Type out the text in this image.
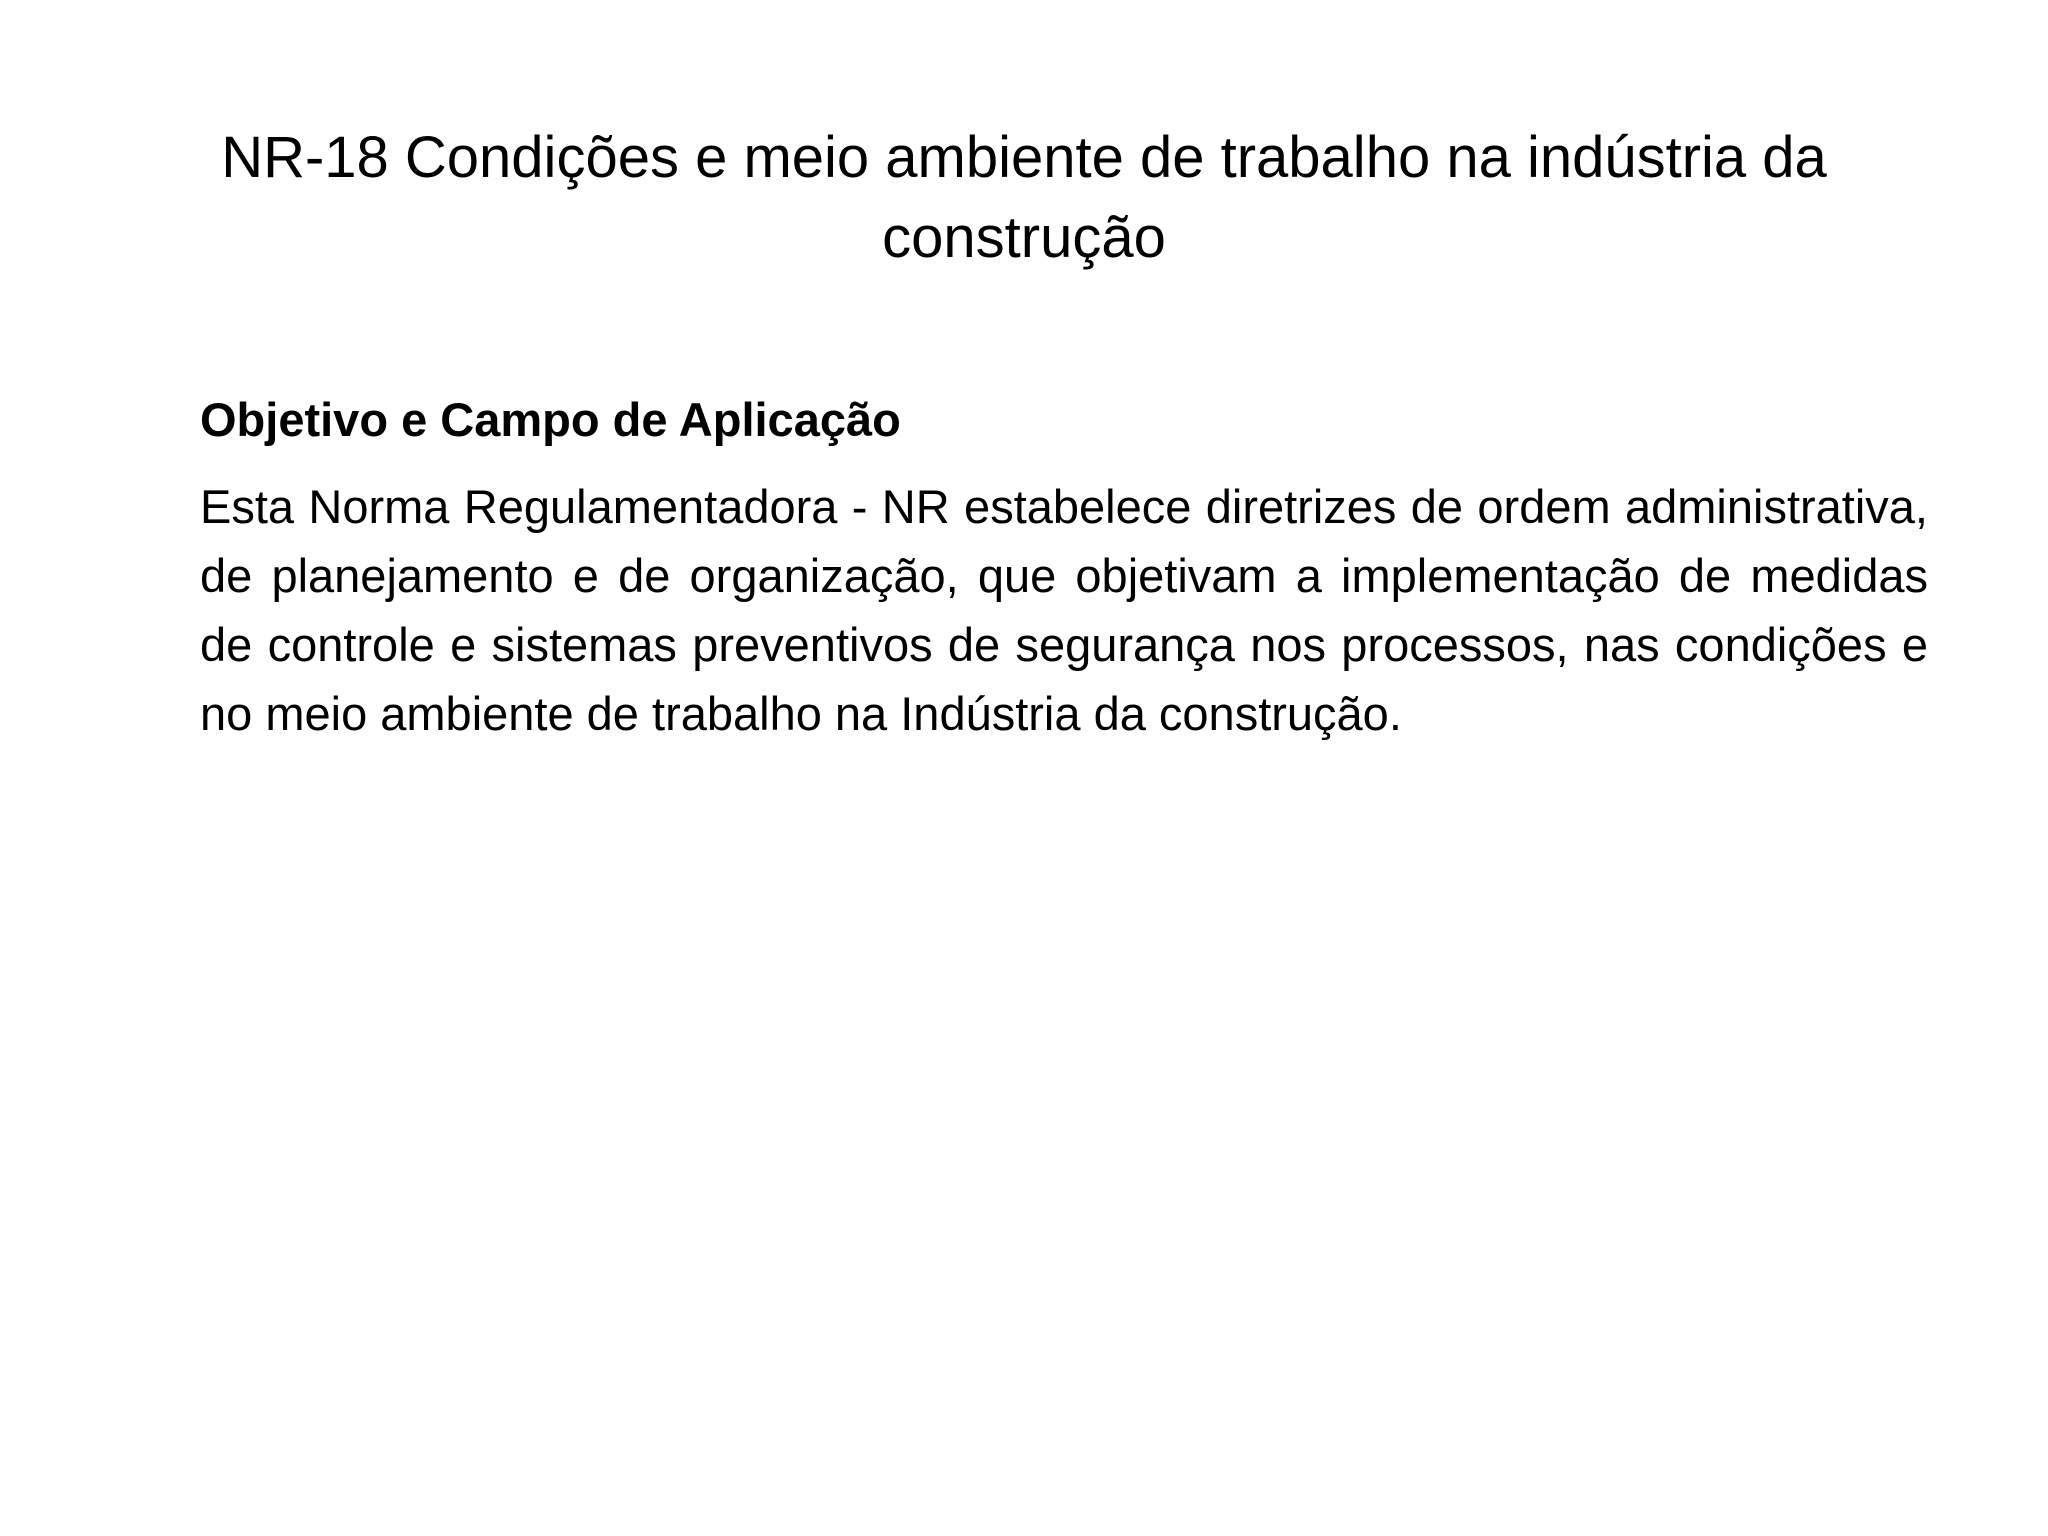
NR-18 Condições e meio ambiente de trabalho na indústria da construção
Objetivo e Campo de Aplicação

Esta Norma Regulamentadora - NR estabelece diretrizes de ordem administrativa, de planejamento e de organização, que objetivam a implementação de medidas de controle e sistemas preventivos de segurança nos processos, nas condições e no meio ambiente de trabalho na Indústria da construção.
